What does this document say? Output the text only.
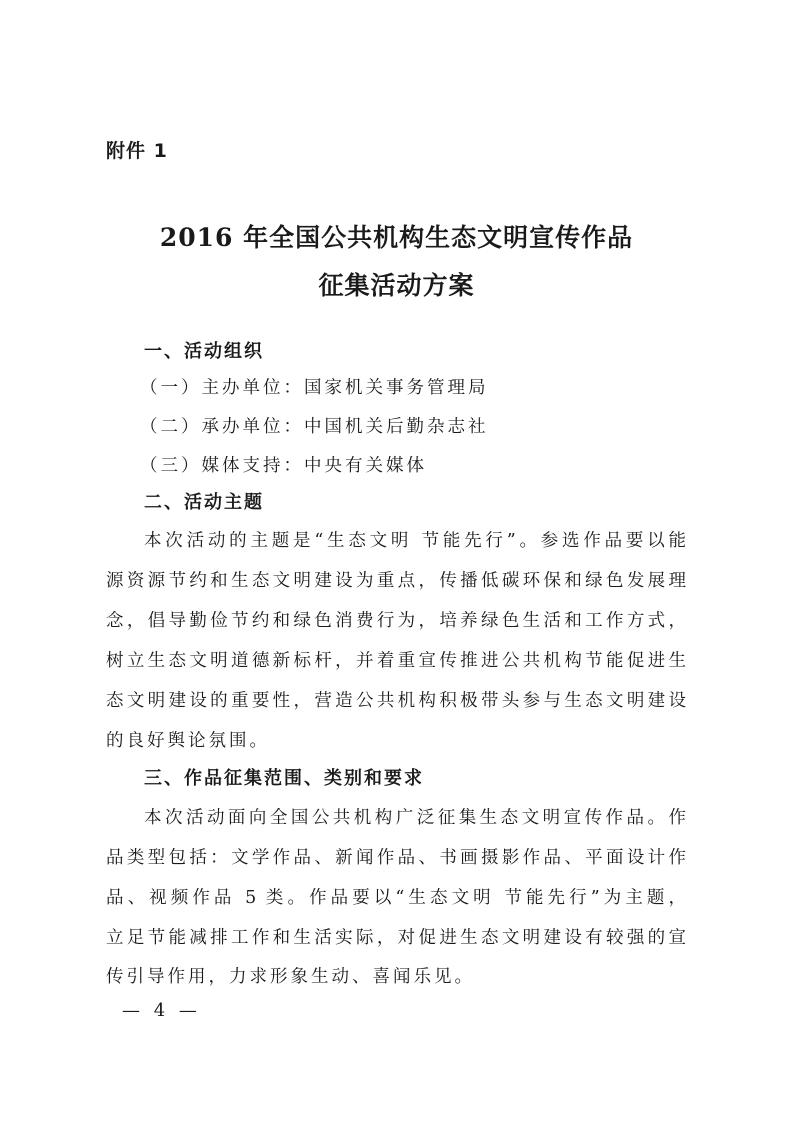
附件 1
2016 年全国公共机构生态文明宣传作品
征集活动方案
一、活动组织
（一）主办单位：国家机关事务管理局
（二）承办单位：中国机关后勤杂志社
（三）媒体支持：中央有关媒体
二、活动主题
本次活动的主题是“生态文明 节能先行”。参选作品要以能
源资源节约和生态文明建设为重点，传播低碳环保和绿色发展理
念，倡导勤俭节约和绿色消费行为，培养绿色生活和工作方式，
树立生态文明道德新标杆，并着重宣传推进公共机构节能促进生
态文明建设的重要性，营造公共机构积极带头参与生态文明建设
的良好舆论氛围。
三、作品征集范围、类别和要求
本次活动面向全国公共机构广泛征集生态文明宣传作品。作
品类型包括：文学作品、新闻作品、书画摄影作品、平面设计作
品、视频作品 5 类。作品要以“生态文明 节能先行”为主题，
立足节能减排工作和生活实际，对促进生态文明建设有较强的宣
传引导作用，力求形象生动、喜闻乐见。
— 4 —
